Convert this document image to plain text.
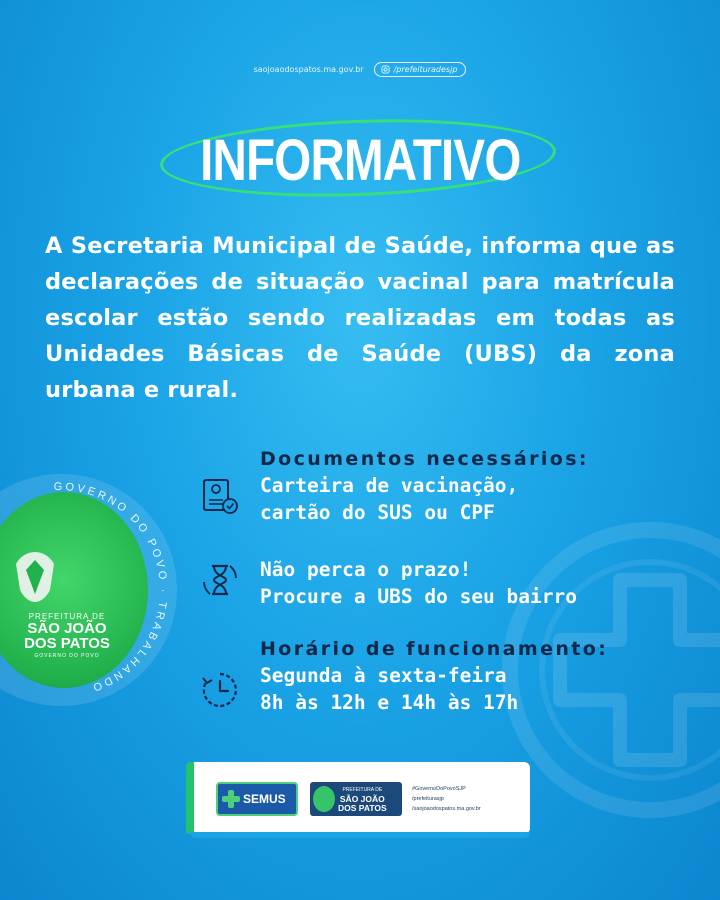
saojoaodospatos.ma.gov.br	/prefeituradesjp
INFORMATIVO

A Secretaria Municipal de Saúde, informa que as declarações de situação vacinal para matrícula escolar estão sendo realizadas em todas as Unidades Básicas de Saúde (UBS) da zona urbana e rural.

GOVERNO DO POVO · TRABALHANDO
PREFEITURA DE
SÃO JOÃO
DOS PATOS
GOVERNO DO POVO
Documentos necessários:
Carteira de vacinação,
cartão do SUS ou CPF
Não perca o prazo!
Procure a UBS do seu bairro
Horário de funcionamento:
Segunda à sexta-feira
8h às 12h e 14h às 17h
SEMUS
PREFEITURA DE
SÃO JOÃO
DOS PATOS
#GovernoDoPovoSJP
/prefeiturasjp
/saojoaodospatos.ma.gov.br
